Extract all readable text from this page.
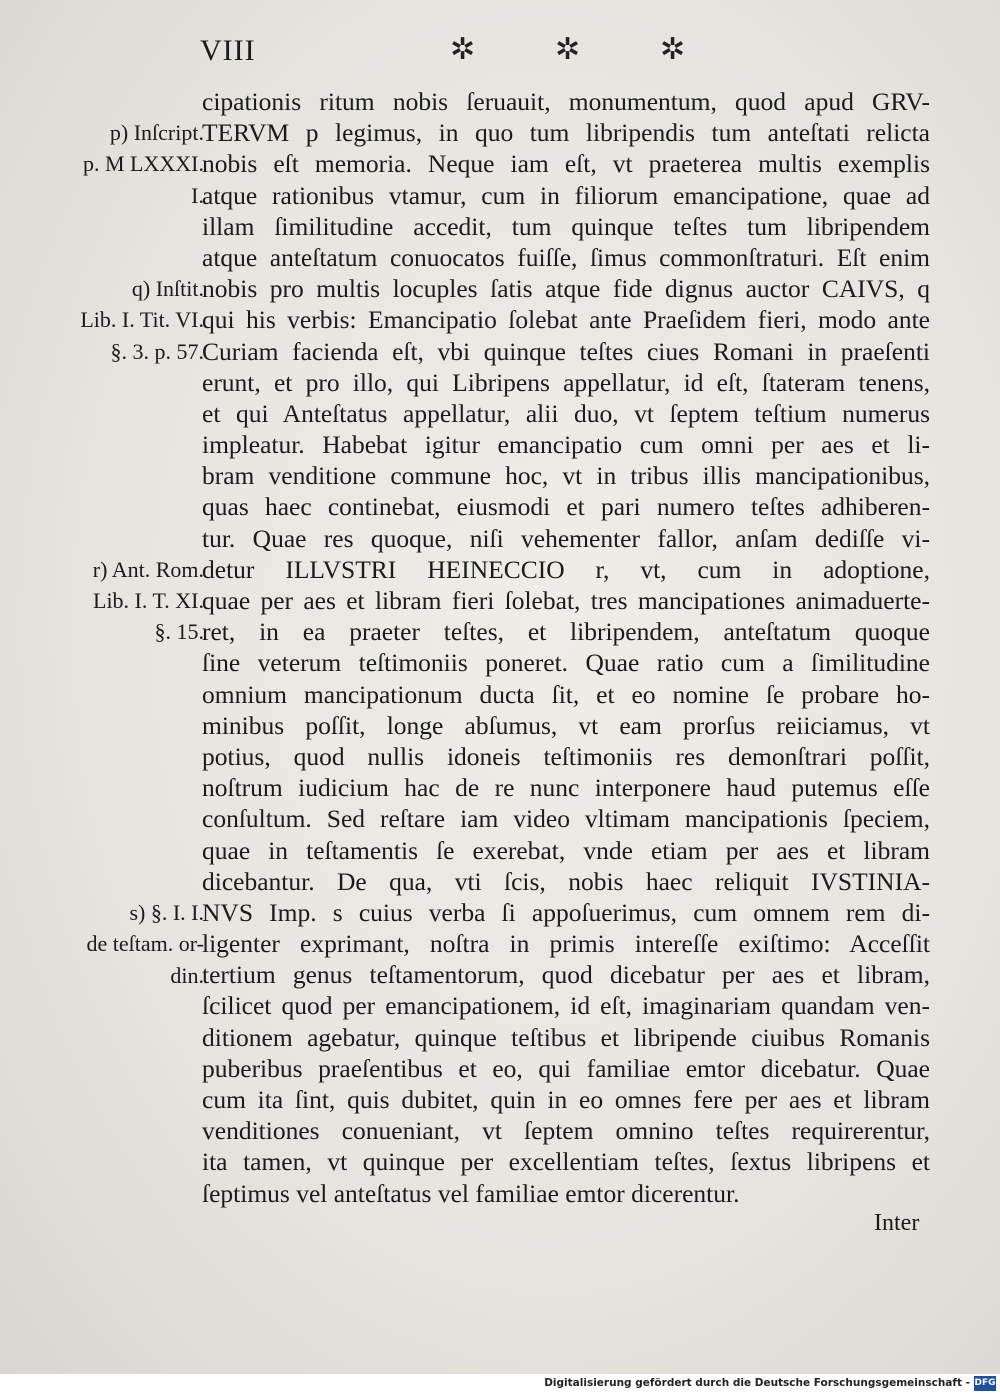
VIII	✲	✲	✲
cipationis ritum nobis ſeruauit, monumentum, quod apud GRV-
TERVM p legimus, in quo tum libripendis tum anteſtati relicta
nobis eſt memoria. Neque iam eſt, vt praeterea multis exemplis
atque rationibus vtamur, cum in filiorum emancipatione, quae ad
illam ſimilitudine accedit, tum quinque teſtes tum libripendem
atque anteſtatum conuocatos fuiſſe, ſimus commonſtraturi. Eſt enim
nobis pro multis locuples ſatis atque fide dignus auctor CAIVS, q
qui his verbis: Emancipatio ſolebat ante Praeſidem fieri, modo ante
Curiam facienda eſt, vbi quinque teſtes ciues Romani in praeſenti
erunt, et pro illo, qui Libripens appellatur, id eſt, ſtateram tenens,
et qui Anteſtatus appellatur, alii duo, vt ſeptem teſtium numerus
impleatur. Habebat igitur emancipatio cum omni per aes et li-
bram venditione commune hoc, vt in tribus illis mancipationibus,
quas haec continebat, eiusmodi et pari numero teſtes adhiberen-
tur. Quae res quoque, niſi vehementer fallor, anſam dediſſe vi-
detur ILLVSTRI HEINECCIO r, vt, cum in adoptione,
quae per aes et libram fieri ſolebat, tres mancipationes animaduerte-
ret, in ea praeter teſtes, et libripendem, anteſtatum quoque
ſine veterum teſtimoniis poneret. Quae ratio cum a ſimilitudine
omnium mancipationum ducta ſit, et eo nomine ſe probare ho-
minibus poſſit, longe abſumus, vt eam prorſus reiiciamus, vt
potius, quod nullis idoneis teſtimoniis res demonſtrari poſſit,
noſtrum iudicium hac de re nunc interponere haud putemus eſſe
conſultum. Sed reſtare iam video vltimam mancipationis ſpeciem,
quae in teſtamentis ſe exerebat, vnde etiam per aes et libram
dicebantur. De qua, vti ſcis, nobis haec reliquit IVSTINIA-
NVS Imp. s cuius verba ſi appoſuerimus, cum omnem rem di-
ligenter exprimant, noſtra in primis intereſſe exiſtimo: Acceſſit
tertium genus teſtamentorum, quod dicebatur per aes et libram,
ſcilicet quod per emancipationem, id eſt, imaginariam quandam ven-
ditionem agebatur, quinque teſtibus et libripende ciuibus Romanis
puberibus praeſentibus et eo, qui familiae emtor dicebatur. Quae
cum ita ſint, quis dubitet, quin in eo omnes fere per aes et libram
venditiones conueniant, vt ſeptem omnino teſtes requirerentur,
ita tamen, vt quinque per excellentiam teſtes, ſextus libripens et
ſeptimus vel anteſtatus vel familiae emtor dicerentur.
p) Inſcript.
p. M LXXXI.
I.
q) Inſtit.
Lib. I. Tit. VI.
§. 3. p. 57.
r) Ant. Rom.
Lib. I. T. XI.
§. 15.
s) §. I. I.
de teſtam. or-
din.
Inter
Digitalisierung gefördert durch die Deutsche Forschungsgemeinschaft - DFG
